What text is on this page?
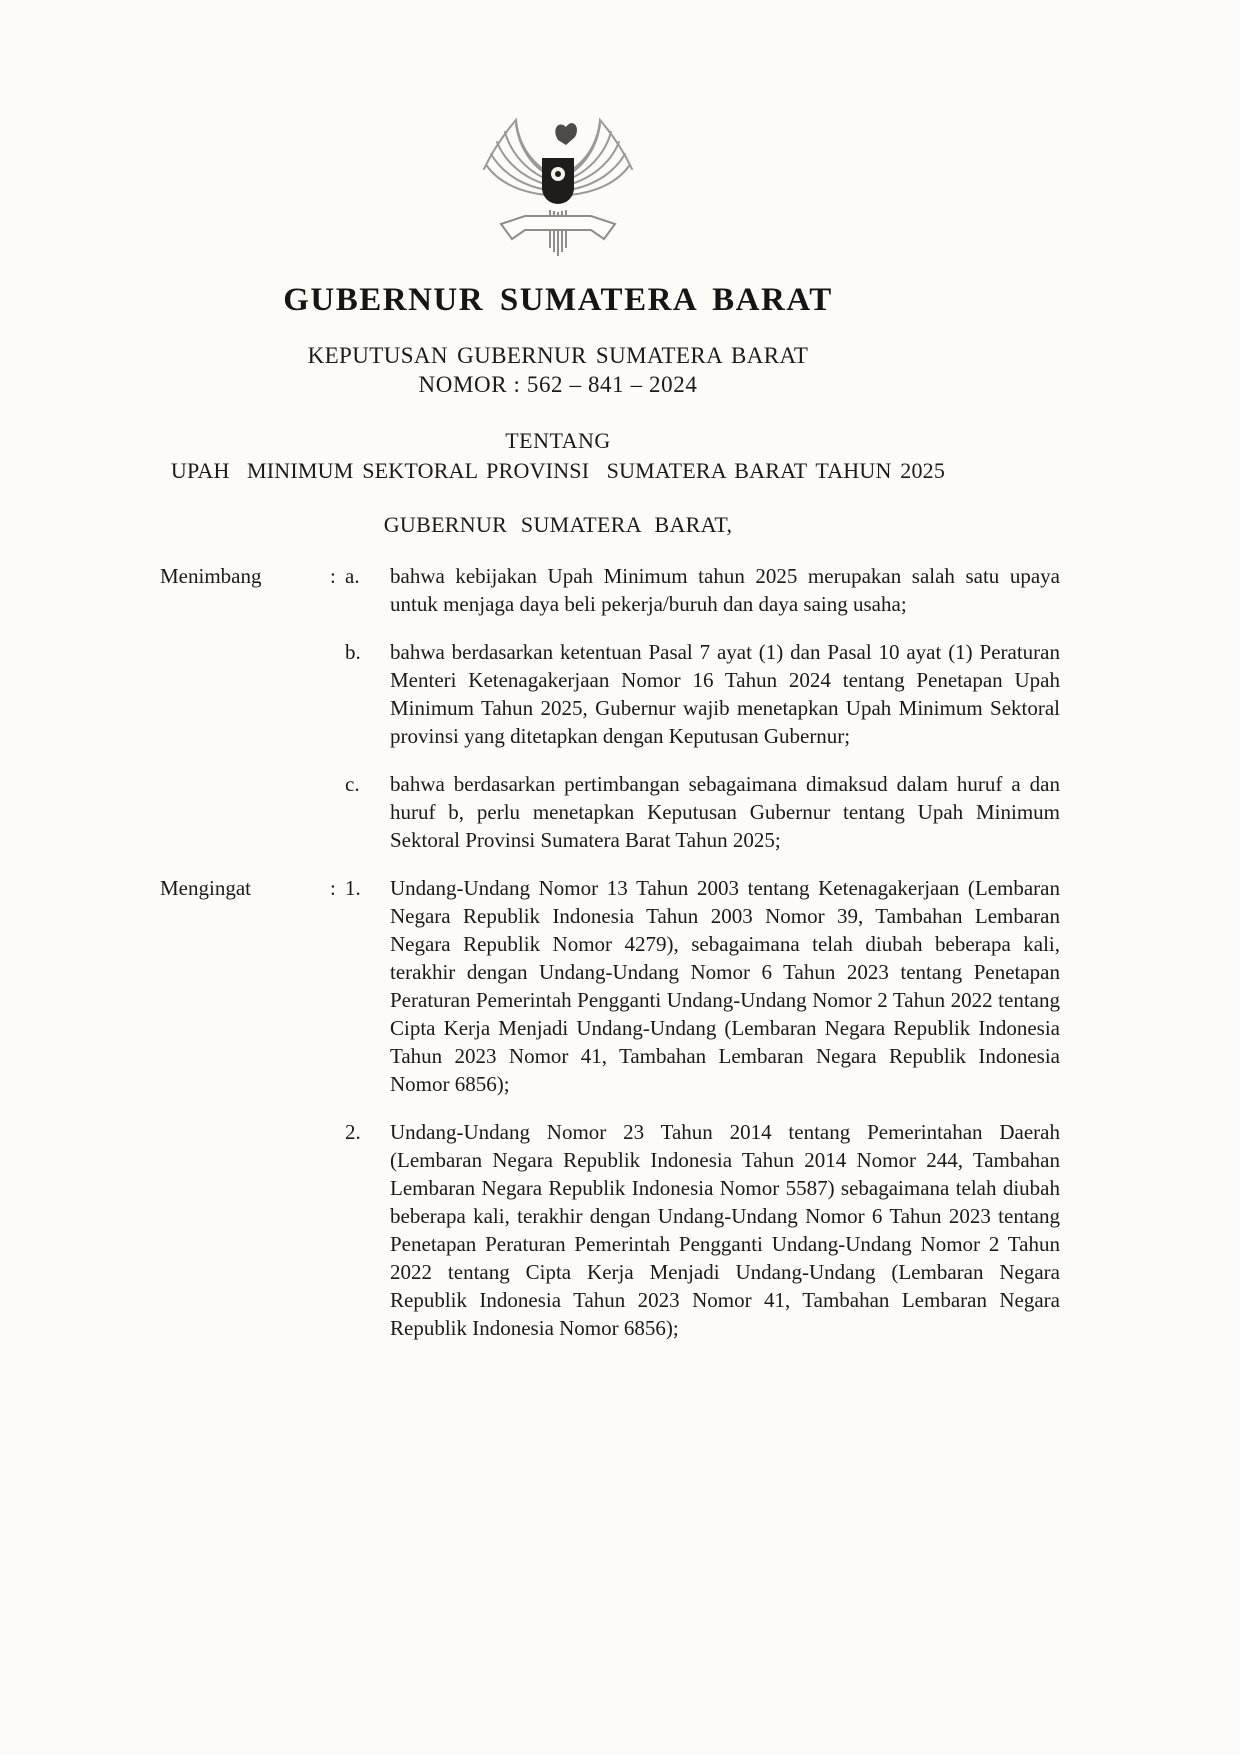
GUBERNUR SUMATERA BARAT
KEPUTUSAN GUBERNUR SUMATERA BARAT
NOMOR : 562 – 841 – 2024
TENTANG
UPAH  MINIMUM SEKTORAL PROVINSI  SUMATERA BARAT TAHUN 2025
GUBERNUR SUMATERA BARAT,
Menimbang	: a.	bahwa kebijakan Upah Minimum tahun 2025 merupakan salah satu upaya untuk menjaga daya beli pekerja/buruh dan daya saing usaha;
b.	bahwa berdasarkan ketentuan Pasal 7 ayat (1) dan Pasal 10 ayat (1) Peraturan Menteri Ketenagakerjaan Nomor 16 Tahun 2024 tentang Penetapan Upah Minimum Tahun 2025, Gubernur wajib menetapkan Upah Minimum Sektoral provinsi yang ditetapkan dengan Keputusan Gubernur;
c.	bahwa berdasarkan pertimbangan sebagaimana dimaksud dalam huruf a dan huruf b, perlu menetapkan Keputusan Gubernur tentang Upah Minimum Sektoral Provinsi Sumatera Barat Tahun 2025;
Mengingat	: 1.	Undang-Undang Nomor 13 Tahun 2003 tentang Ketenagakerjaan (Lembaran Negara Republik Indonesia Tahun 2003 Nomor 39, Tambahan Lembaran Negara Republik Nomor 4279), sebagaimana telah diubah beberapa kali, terakhir dengan Undang-Undang Nomor 6 Tahun 2023 tentang Penetapan Peraturan Pemerintah Pengganti Undang-Undang Nomor 2 Tahun 2022 tentang Cipta Kerja Menjadi Undang-Undang (Lembaran Negara Republik Indonesia Tahun 2023 Nomor 41, Tambahan Lembaran Negara Republik Indonesia Nomor 6856);
2.	Undang-Undang Nomor 23 Tahun 2014 tentang Pemerintahan Daerah (Lembaran Negara Republik Indonesia Tahun 2014 Nomor 244, Tambahan Lembaran Negara Republik Indonesia Nomor 5587) sebagaimana telah diubah beberapa kali, terakhir dengan Undang-Undang Nomor 6 Tahun 2023 tentang Penetapan Peraturan Pemerintah Pengganti Undang-Undang Nomor 2 Tahun 2022 tentang Cipta Kerja Menjadi Undang-Undang (Lembaran Negara Republik Indonesia Tahun 2023 Nomor 41, Tambahan Lembaran Negara Republik Indonesia Nomor 6856);
